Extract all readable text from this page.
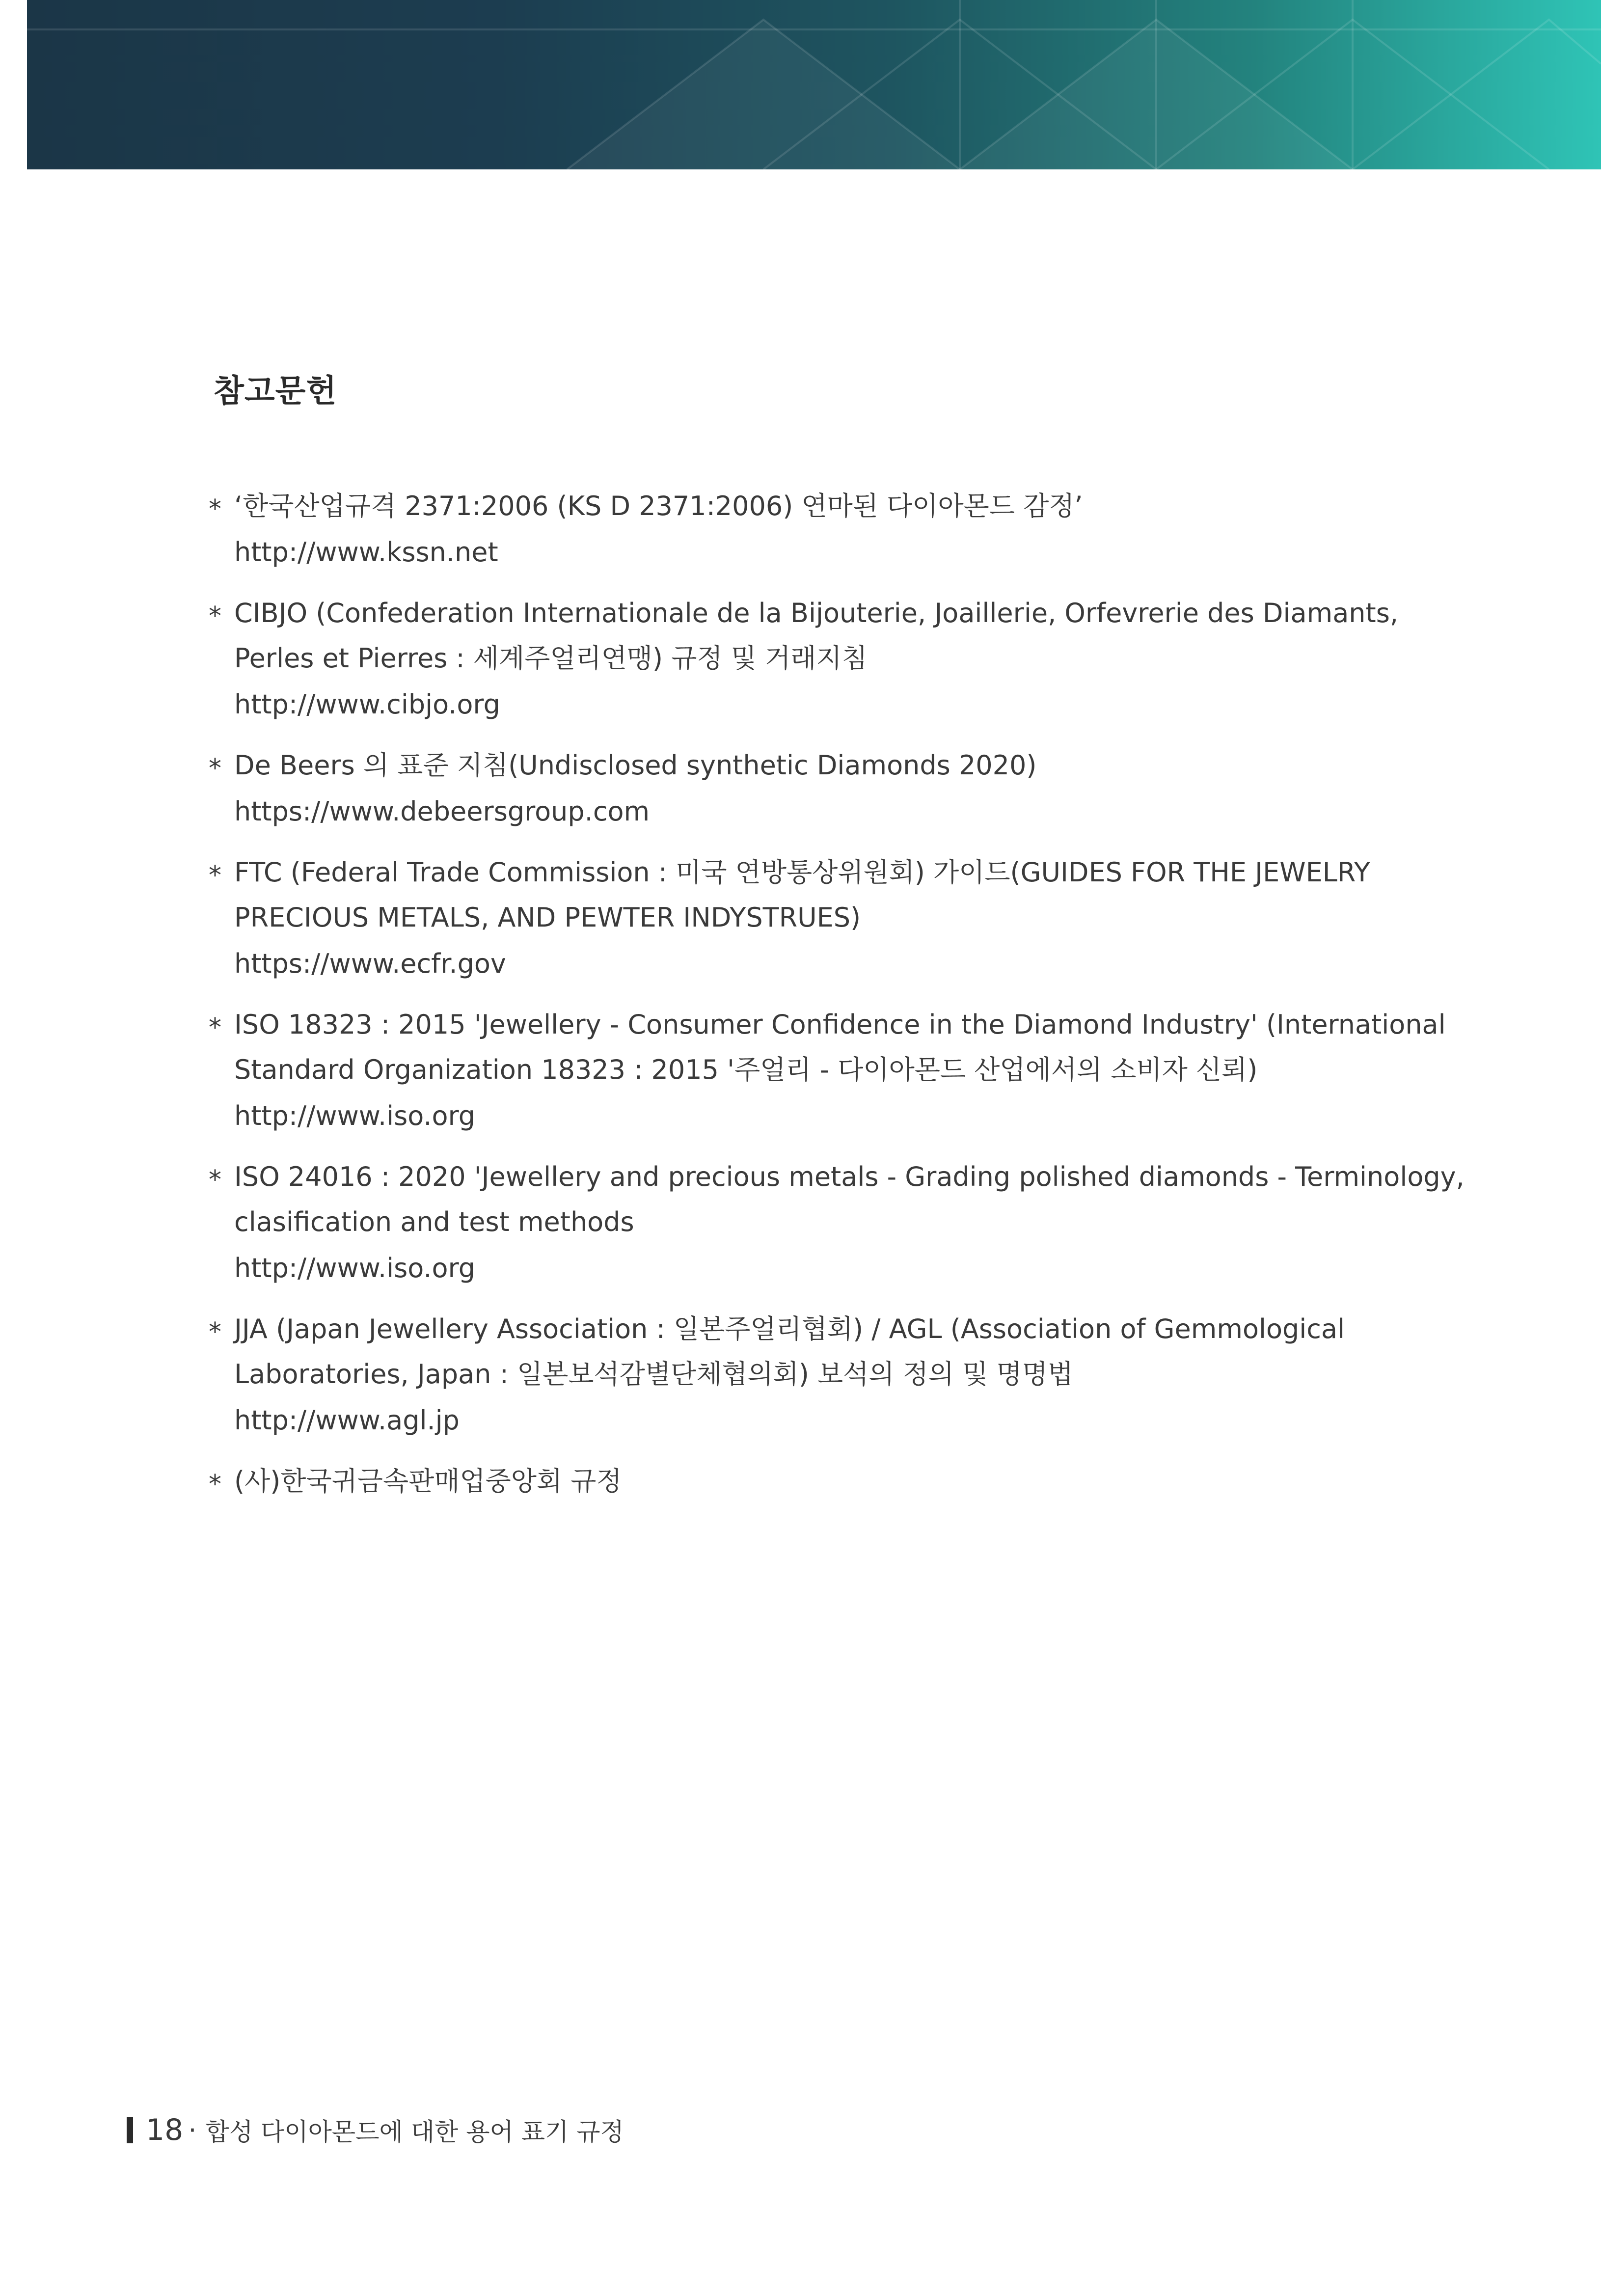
참고문헌
* ‘한국산업규격 2371:2006 (KS D 2371:2006) 연마된 다이아몬드 감정’
http://www.kssn.net
* CIBJO (Confederation Internationale de la Bijouterie, Joaillerie, Orfevrerie des Diamants,
Perles et Pierres : 세계주얼리연맹) 규정 및 거래지침
http://www.cibjo.org
* De Beers 의 표준 지침(Undisclosed synthetic Diamonds 2020)
https://www.debeersgroup.com
* FTC (Federal Trade Commission : 미국 연방통상위원회) 가이드(GUIDES FOR THE JEWELRY
PRECIOUS METALS, AND PEWTER INDYSTRUES)
https://www.ecfr.gov
* ISO 18323 : 2015 'Jewellery - Consumer Confidence in the Diamond Industry' (International
Standard Organization 18323 : 2015 '주얼리 - 다이아몬드 산업에서의 소비자 신뢰)
http://www.iso.org
* ISO 24016 : 2020 'Jewellery and precious metals - Grading polished diamonds - Terminology,
clasification and test methods
http://www.iso.org
* JJA (Japan Jewellery Association : 일본주얼리협회) / AGL (Association of Gemmological
Laboratories, Japan : 일본보석감별단체협의회) 보석의 정의 및 명명법
http://www.agl.jp
* (사)한국귀금속판매업중앙회 규정
18 · 합성 다이아몬드에 대한 용어 표기 규정
